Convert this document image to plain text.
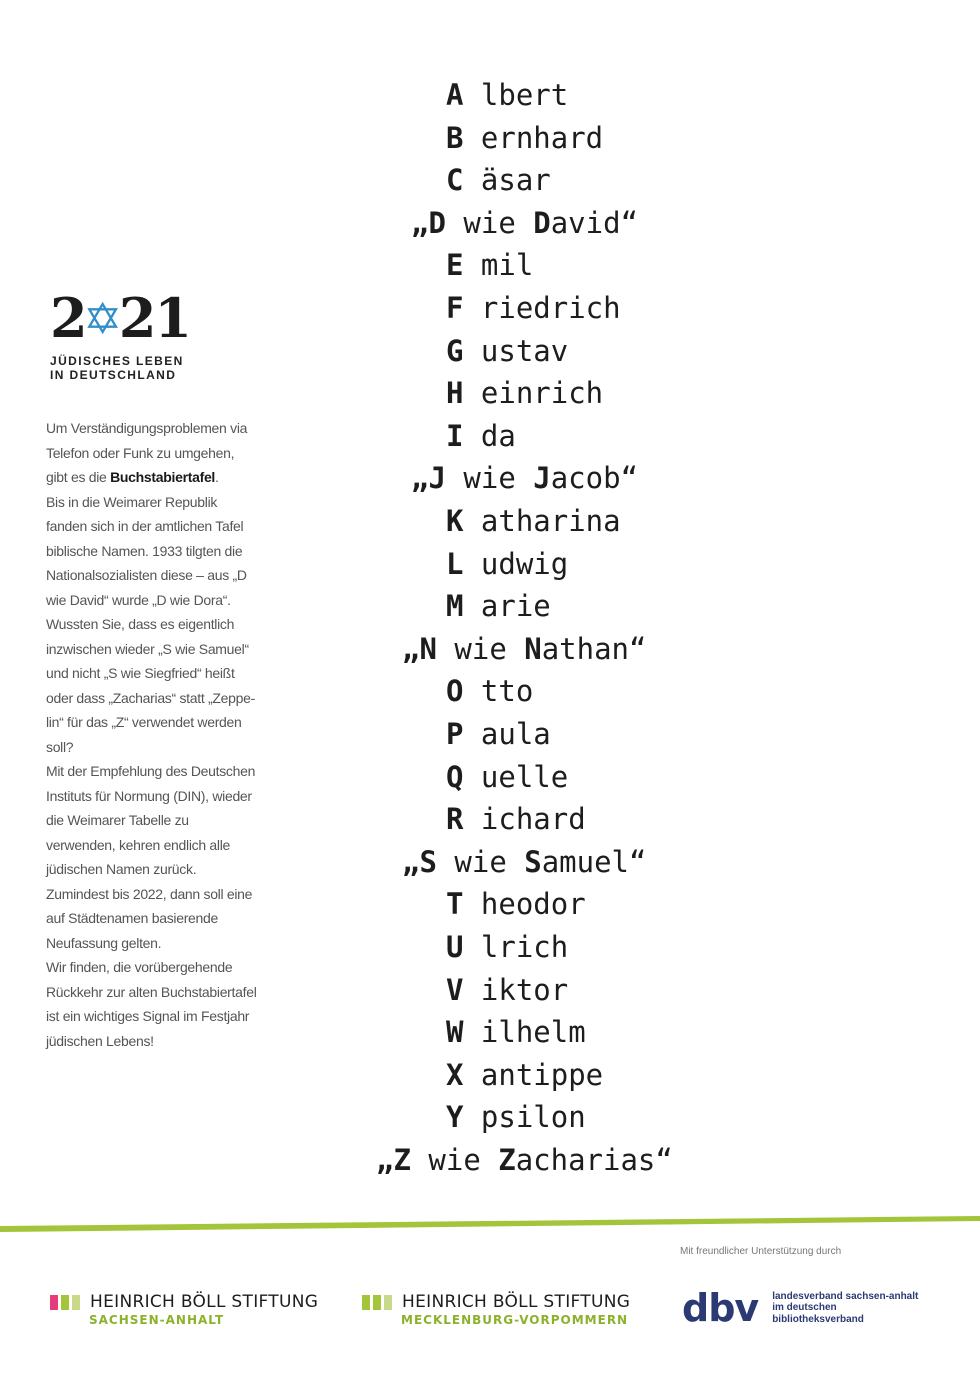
2 21
JÜDISCHES LEBEN
IN DEUTSCHLAND

Um Verständigungsproblemen via Telefon oder Funk zu umgehen, gibt es die Buchstabiertafel.

Bis in die Weimarer Republik fanden sich in der amtlichen Tafel biblische Namen. 1933 tilgten die Nationalsozialisten diese – aus „D wie David“ wurde „D wie Dora“.

Wussten Sie, dass es eigentlich inzwischen wieder „S wie Samuel“ und nicht „S wie Siegfried“ heißt oder dass „Zacharias“ statt „Zeppelin“ für das „Z“ verwendet werden soll?

Mit der Empfehlung des Deutschen Instituts für Normung (DIN), wieder die Weimarer Tabelle zu verwenden, kehren endlich alle jüdischen Namen zurück. Zumindest bis 2022, dann soll eine auf Städtenamen basierende Neufassung gelten.

Wir finden, die vorübergehende Rückkehr zur alten Buchstabiertafel ist ein wichtiges Signal im Festjahr jüdischen Lebens!

A lbert
B ernhard
C äsar
„D wie David“
E mil
F riedrich
G ustav
H einrich
I da
„J wie Jacob“
K atharina
L udwig
M arie
„N wie Nathan“
O tto
P aula
Q uelle
R ichard
„S wie Samuel“
T heodor
U lrich
V iktor
W ilhelm
X antippe
Y psilon
„Z wie Zacharias“
Mit freundlicher Unterstützung durch
HEINRICH BÖLL STIFTUNG
SACHSEN-ANHALT
HEINRICH BÖLL STIFTUNG
MECKLENBURG-VORPOMMERN dbv landesverband sachsen-anhalt
im deutschen
bibliotheksverband
